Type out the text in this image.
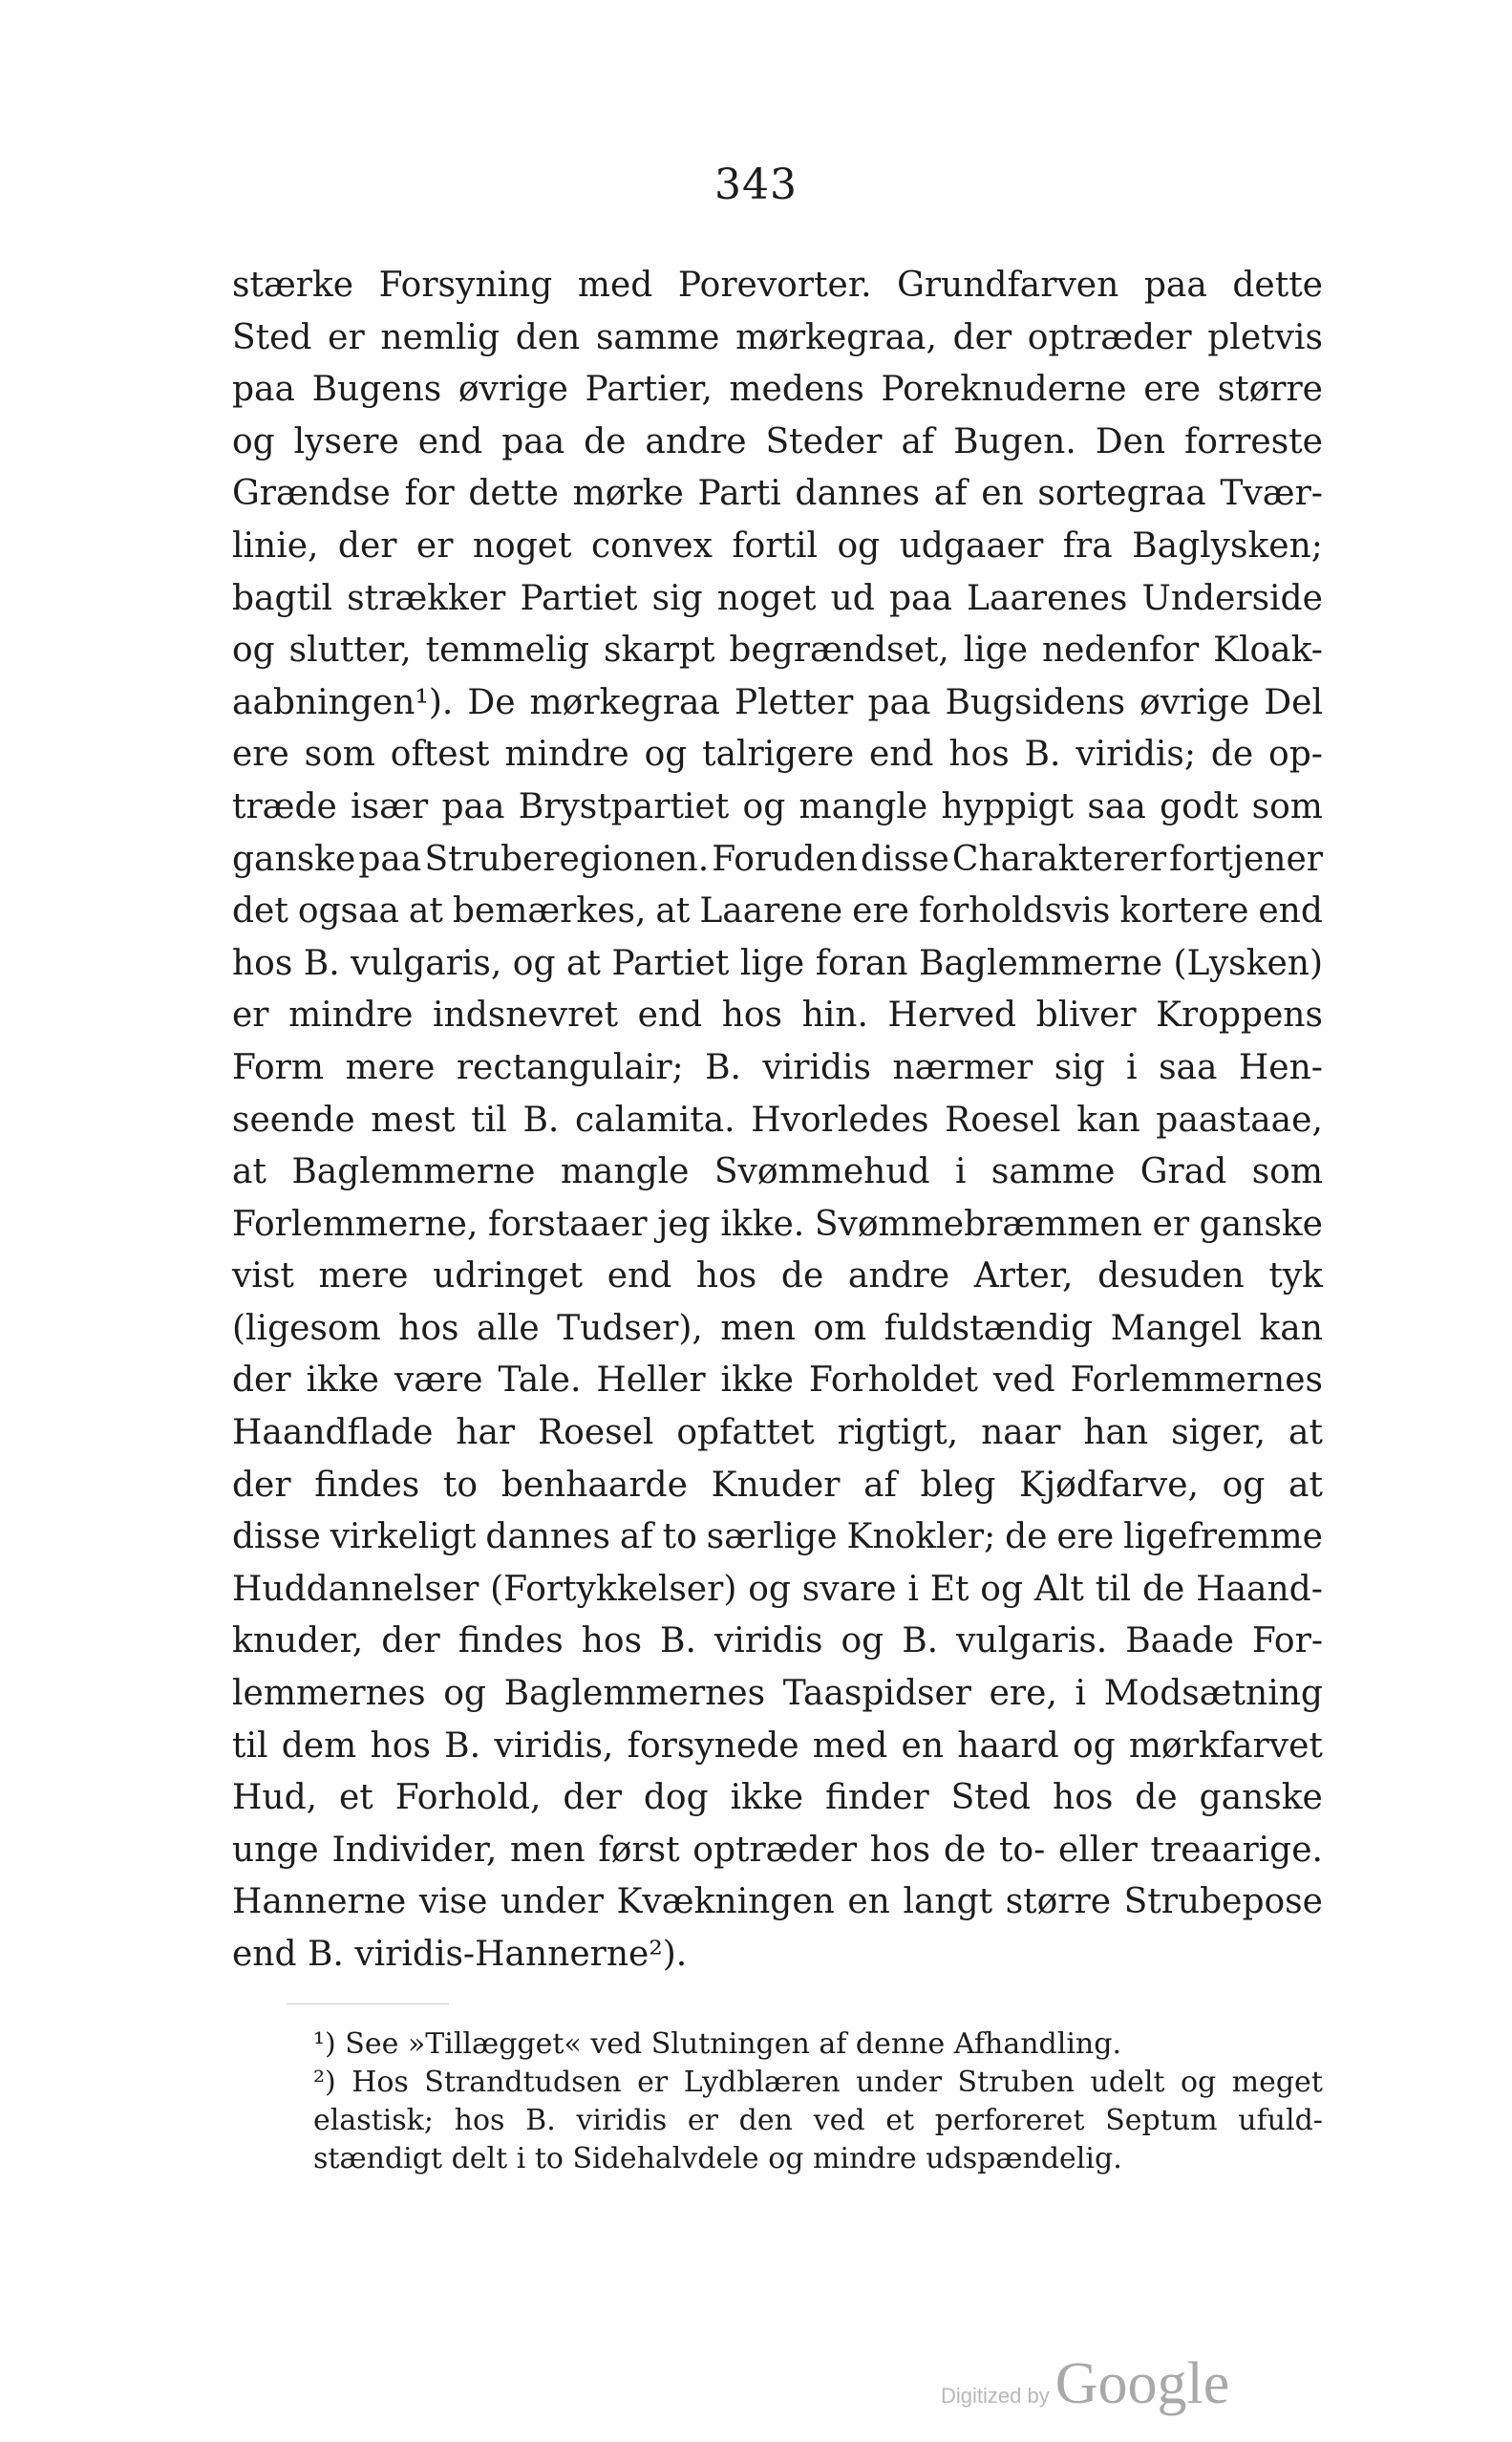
343
stærke Forsyning med Porevorter. Grundfarven paa dette
Sted er nemlig den samme mørkegraa, der optræder pletvis
paa Bugens øvrige Partier, medens Poreknuderne ere større
og lysere end paa de andre Steder af Bugen. Den forreste
Grændse for dette mørke Parti dannes af en sortegraa Tvær-
linie, der er noget convex fortil og udgaaer fra Baglysken;
bagtil strækker Partiet sig noget ud paa Laarenes Underside
og slutter, temmelig skarpt begrændset, lige nedenfor Kloak-
aabningen¹). De mørkegraa Pletter paa Bugsidens øvrige Del
ere som oftest mindre og talrigere end hos B. viridis; de op-
træde især paa Brystpartiet og mangle hyppigt saa godt som
ganske paa Struberegionen. Foruden disse Charakterer fortjener
det ogsaa at bemærkes, at Laarene ere forholdsvis kortere end
hos B. vulgaris, og at Partiet lige foran Baglemmerne (Lysken)
er mindre indsnevret end hos hin. Herved bliver Kroppens
Form mere rectangulair; B. viridis nærmer sig i saa Hen-
seende mest til B. calamita. Hvorledes Roesel kan paastaae,
at Baglemmerne mangle Svømmehud i samme Grad som
Forlemmerne, forstaaer jeg ikke. Svømmebræmmen er ganske
vist mere udringet end hos de andre Arter, desuden tyk
(ligesom hos alle Tudser), men om fuldstændig Mangel kan
der ikke være Tale. Heller ikke Forholdet ved Forlemmernes
Haandflade har Roesel opfattet rigtigt, naar han siger, at
der findes to benhaarde Knuder af bleg Kjødfarve, og at
disse virkeligt dannes af to særlige Knokler; de ere ligefremme
Huddannelser (Fortykkelser) og svare i Et og Alt til de Haand-
knuder, der findes hos B. viridis og B. vulgaris. Baade For-
lemmernes og Baglemmernes Taaspidser ere, i Modsætning
til dem hos B. viridis, forsynede med en haard og mørkfarvet
Hud, et Forhold, der dog ikke finder Sted hos de ganske
unge Individer, men først optræder hos de to- eller treaarige.
Hannerne vise under Kvækningen en langt større Strubepose
end B. viridis-Hannerne²).
¹) See »Tillægget« ved Slutningen af denne Afhandling.
²) Hos Strandtudsen er Lydblæren under Struben udelt og meget
elastisk; hos B. viridis er den ved et perforeret Septum ufuld-
stændigt delt i to Sidehalvdele og mindre udspændelig.
Digitized by Google
